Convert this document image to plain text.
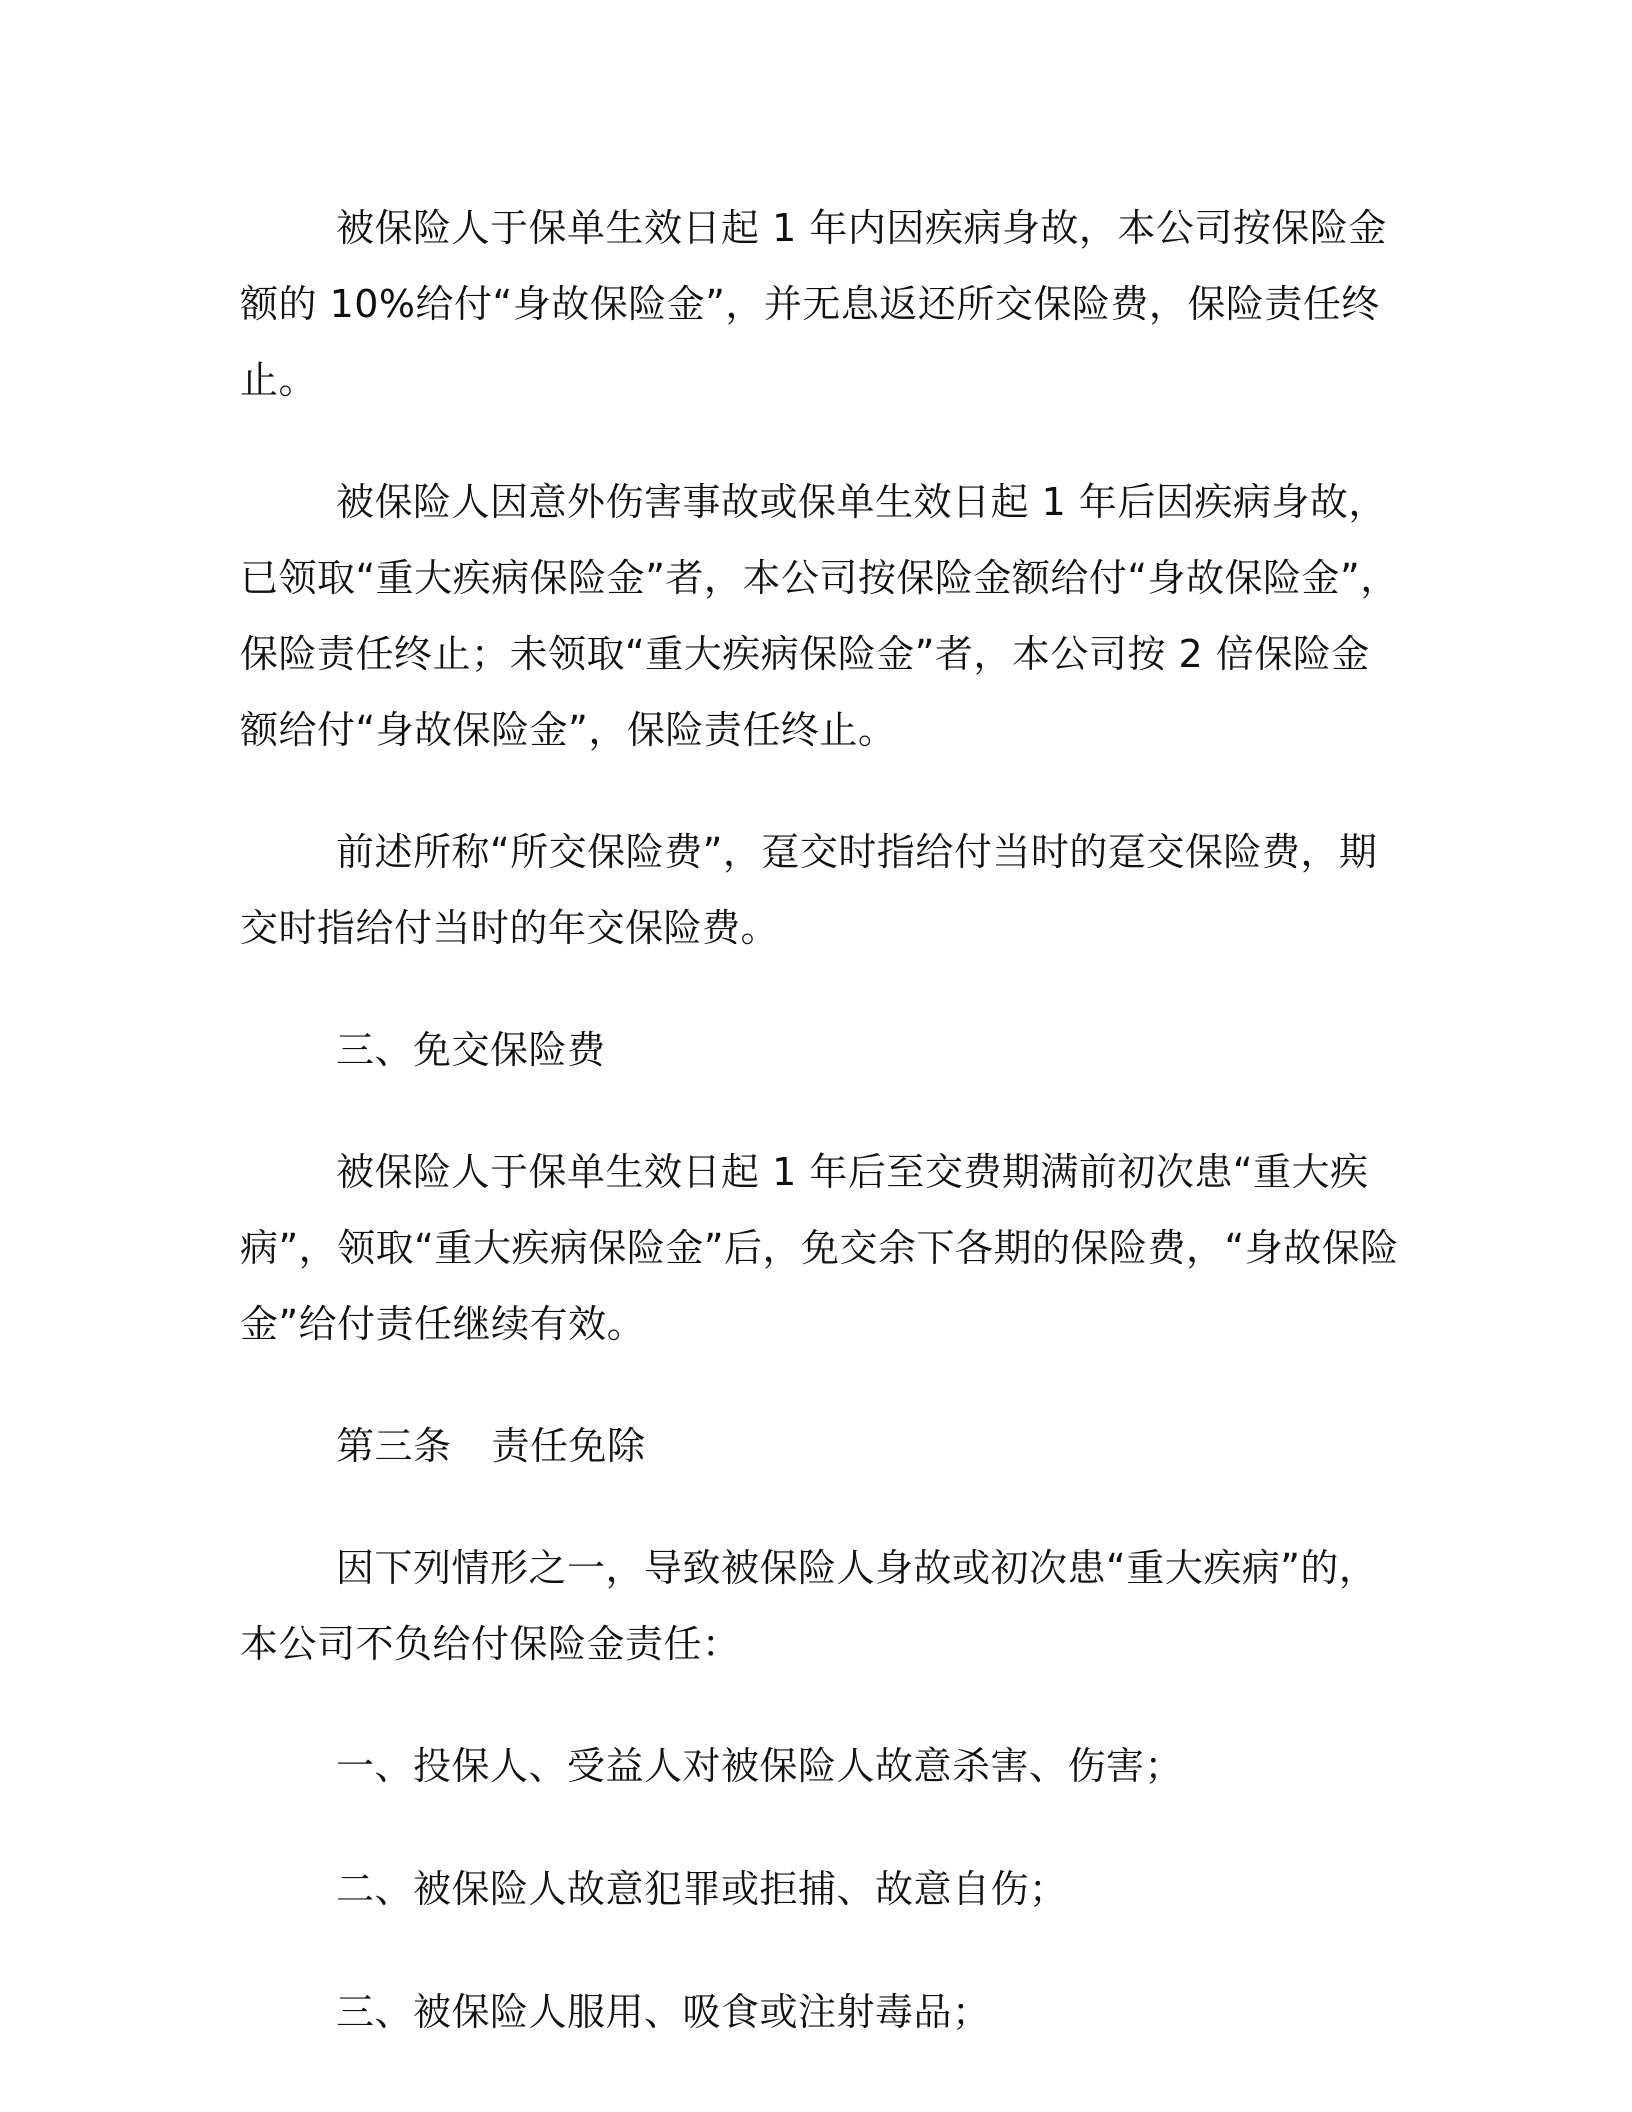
被保险人于保单生效日起 1 年内因疾病身故，本公司按保险金额的 10%给付“身故保险金”，并无息返还所交保险费，保险责任终止。

被保险人因意外伤害事故或保单生效日起 1 年后因疾病身故，已领取“重大疾病保险金”者，本公司按保险金额给付“身故保险金”，保险责任终止；未领取“重大疾病保险金”者，本公司按 2 倍保险金额给付“身故保险金”，保险责任终止。

前述所称“所交保险费”，趸交时指给付当时的趸交保险费，期交时指给付当时的年交保险费。

三、免交保险费

被保险人于保单生效日起 1 年后至交费期满前初次患“重大疾病”，领取“重大疾病保险金”后，免交余下各期的保险费，“身故保险金”给付责任继续有效。

第三条 责任免除

因下列情形之一，导致被保险人身故或初次患“重大疾病”的，本公司不负给付保险金责任：

一、投保人、受益人对被保险人故意杀害、伤害；

二、被保险人故意犯罪或拒捕、故意自伤；

三、被保险人服用、吸食或注射毒品；
